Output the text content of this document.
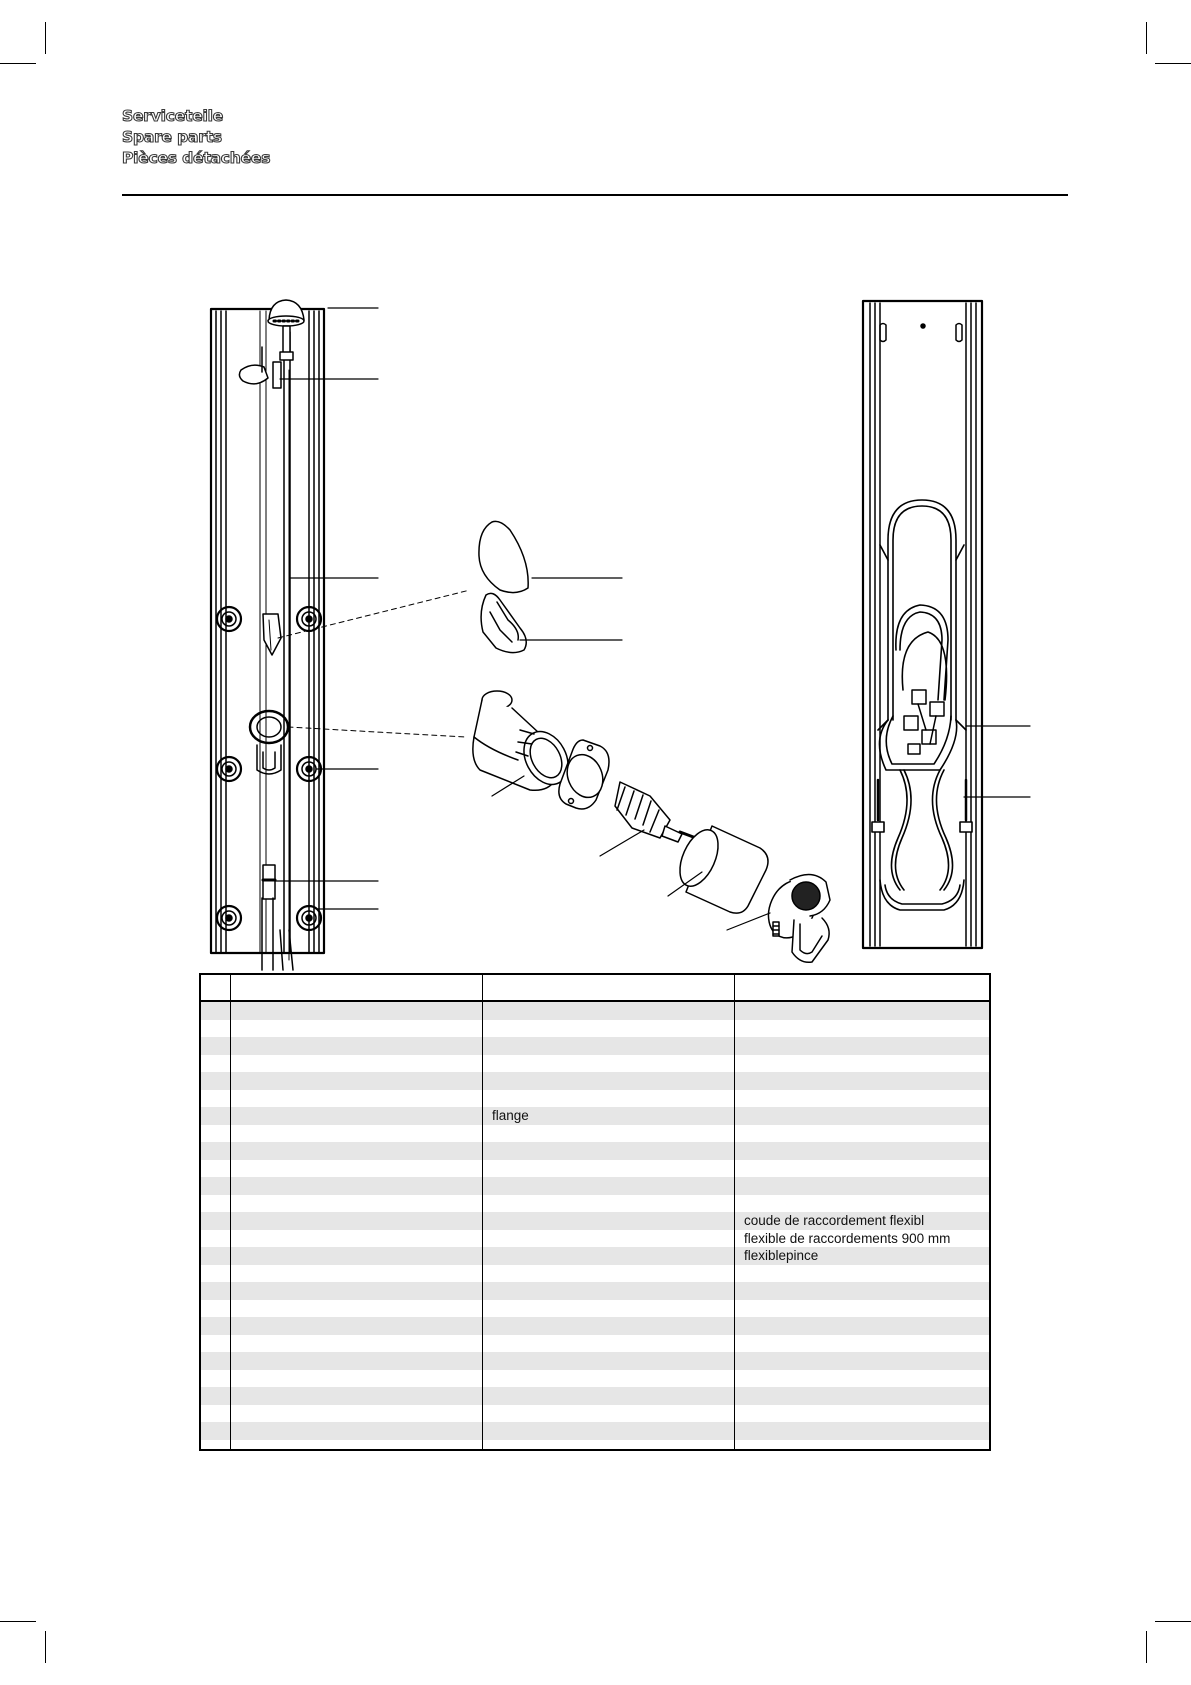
Serviceteile
Spare parts
Pièces détachées
flange
coude de raccordement flexibl
flexible de raccordements 900 mm
flexiblepince
